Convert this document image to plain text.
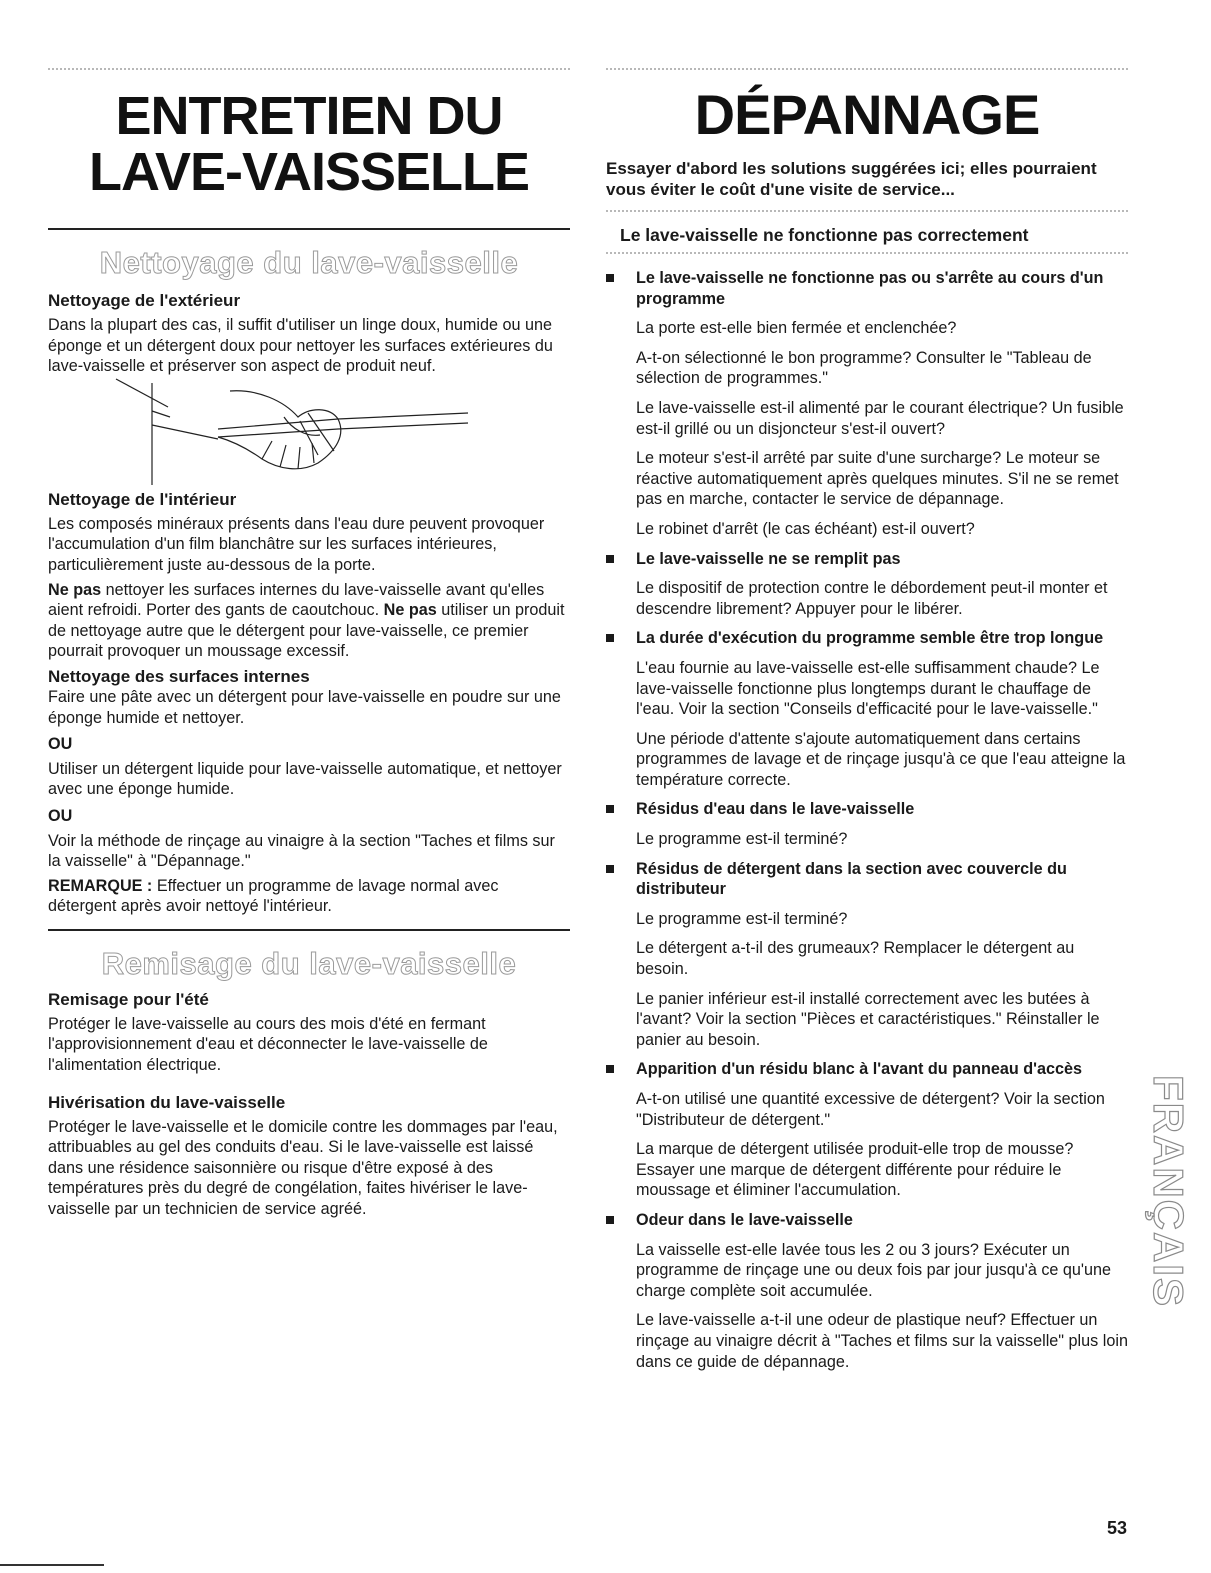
ENTRETIEN DU
LAVE-VAISSELLE
Nettoyage du lave-vaisselle
Nettoyage de l'extérieur

Dans la plupart des cas, il suffit d'utiliser un linge doux, humide ou une éponge et un détergent doux pour nettoyer les surfaces extérieures du lave-vaisselle et préserver son aspect de produit neuf.

Nettoyage de l'intérieur

Les composés minéraux présents dans l'eau dure peuvent provoquer l'accumulation d'un film blanchâtre sur les surfaces intérieures, particulièrement juste au-dessous de la porte.

Ne pas nettoyer les surfaces internes du lave-vaisselle avant qu'elles aient refroidi. Porter des gants de caoutchouc. Ne pas utiliser un produit de nettoyage autre que le détergent pour lave-vaisselle, ce premier pourrait provoquer un moussage excessif.

Nettoyage des surfaces internes

Faire une pâte avec un détergent pour lave-vaisselle en poudre sur une éponge humide et nettoyer.

OU

Utiliser un détergent liquide pour lave-vaisselle automatique, et nettoyer avec une éponge humide.

OU

Voir la méthode de rinçage au vinaigre à la section "Taches et films sur la vaisselle" à "Dépannage."

REMARQUE : Effectuer un programme de lavage normal avec détergent après avoir nettoyé l'intérieur.

Remisage du lave-vaisselle
Remisage pour l'été

Protéger le lave-vaisselle au cours des mois d'été en fermant l'approvisionnement d'eau et déconnecter le lave-vaisselle de l'alimentation électrique.

Hivérisation du lave-vaisselle

Protéger le lave-vaisselle et le domicile contre les dommages par l'eau, attribuables au gel des conduits d'eau. Si le lave-vaisselle est laissé dans une résidence saisonnière ou risque d'être exposé à des températures près du degré de congélation, faites hivériser le lave-vaisselle par un technicien de service agréé.

DÉPANNAGE

Essayer d'abord les solutions suggérées ici; elles pourraient vous éviter le coût d'une visite de service...

Le lave-vaisselle ne fonctionne pas correctement
Le lave-vaisselle ne fonctionne pas ou s'arrête au cours d'un programme

La porte est-elle bien fermée et enclenchée?

A-t-on sélectionné le bon programme? Consulter le "Tableau de sélection de programmes."

Le lave-vaisselle est-il alimenté par le courant électrique? Un fusible est-il grillé ou un disjoncteur s'est-il ouvert?

Le moteur s'est-il arrêté par suite d'une surcharge? Le moteur se réactive automatiquement après quelques minutes. S'il ne se remet pas en marche, contacter le service de dépannage.

Le robinet d'arrêt (le cas échéant) est-il ouvert?

Le lave-vaisselle ne se remplit pas

Le dispositif de protection contre le débordement peut-il monter et descendre librement? Appuyer pour le libérer.

La durée d'exécution du programme semble être trop longue

L'eau fournie au lave-vaisselle est-elle suffisamment chaude? Le lave-vaisselle fonctionne plus longtemps durant le chauffage de l'eau. Voir la section "Conseils d'efficacité pour le lave-vaisselle."

Une période d'attente s'ajoute automatiquement dans certains programmes de lavage et de rinçage jusqu'à ce que l'eau atteigne la température correcte.

Résidus d'eau dans le lave-vaisselle

Le programme est-il terminé?

Résidus de détergent dans la section avec couvercle du distributeur

Le programme est-il terminé?

Le détergent a-t-il des grumeaux? Remplacer le détergent au besoin.

Le panier inférieur est-il installé correctement avec les butées à l'avant? Voir la section "Pièces et caractéristiques." Réinstaller le panier au besoin.

Apparition d'un résidu blanc à l'avant du panneau d'accès

A-t-on utilisé une quantité excessive de détergent? Voir la section "Distributeur de détergent."

La marque de détergent utilisée produit-elle trop de mousse? Essayer une marque de détergent différente pour réduire le moussage et éliminer l'accumulation.

Odeur dans le lave-vaisselle

La vaisselle est-elle lavée tous les 2 ou 3 jours? Exécuter un programme de rinçage une ou deux fois par jour jusqu'à ce qu'une charge complète soit accumulée.

Le lave-vaisselle a-t-il une odeur de plastique neuf? Effectuer un rinçage au vinaigre décrit à "Taches et films sur la vaisselle" plus loin dans ce guide de dépannage.

FRANÇAIS
53
